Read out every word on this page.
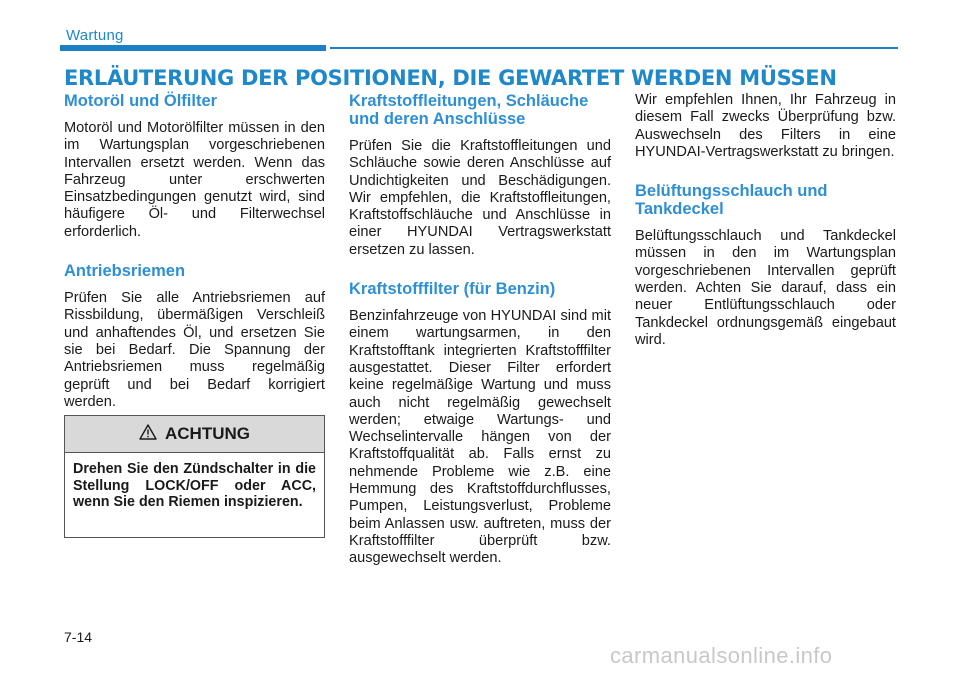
Wartung
ERLÄUTERUNG DER POSITIONEN, DIE GEWARTET WERDEN MÜSSEN
Motoröl und Ölfilter

Motoröl und Motorölfilter müssen in den im Wartungsplan vorgeschriebenen Intervallen ersetzt werden. Wenn das Fahrzeug unter erschwerten Einsatzbedingungen genutzt wird, sind häufigere Öl- und Filterwechsel erforderlich.

Antriebsriemen

Prüfen Sie alle Antriebsriemen auf Rissbildung, übermäßigen Verschleiß und anhaftendes Öl, und ersetzen Sie sie bei Bedarf. Die Spannung der Antriebsriemen muss regelmäßig geprüft und bei Bedarf korrigiert werden.

ACHTUNG
Drehen Sie den Zündschalter in die Stellung LOCK/OFF oder ACC, wenn Sie den Riemen inspizieren.
Kraftstoffleitungen, Schläuche und deren Anschlüsse

Prüfen Sie die Kraftstoffleitungen und Schläuche sowie deren Anschlüsse auf Undichtigkeiten und Beschädigungen. Wir empfehlen, die Kraftstoffleitungen, Kraftstoffschläuche und Anschlüsse in einer HYUNDAI Vertragswerkstatt ersetzen zu lassen.

Kraftstofffilter (für Benzin)

Benzinfahrzeuge von HYUNDAI sind mit einem wartungsarmen, in den Kraftstofftank integrierten Kraftstofffilter ausgestattet. Dieser Filter erfordert keine regelmäßige Wartung und muss auch nicht regelmäßig gewechselt werden; etwaige Wartungs- und Wechselintervalle hängen von der Kraftstoffqualität ab. Falls ernst zu nehmende Probleme wie z.B. eine Hemmung des Kraftstoffdurchflusses, Pumpen, Leistungsverlust, Probleme beim Anlassen usw. auftreten, muss der Kraftstofffilter überprüft bzw. ausgewechselt werden.

Wir empfehlen Ihnen, Ihr Fahrzeug in diesem Fall zwecks Überprüfung bzw. Auswechseln des Filters in eine HYUNDAI-Vertragswerkstatt zu bringen.

Belüftungsschlauch und Tankdeckel

Belüftungsschlauch und Tankdeckel müssen in den im Wartungsplan vorgeschriebenen Intervallen geprüft werden. Achten Sie darauf, dass ein neuer Entlüftungsschlauch oder Tankdeckel ordnungsgemäß eingebaut wird.

7-14
carmanualsonline.info
